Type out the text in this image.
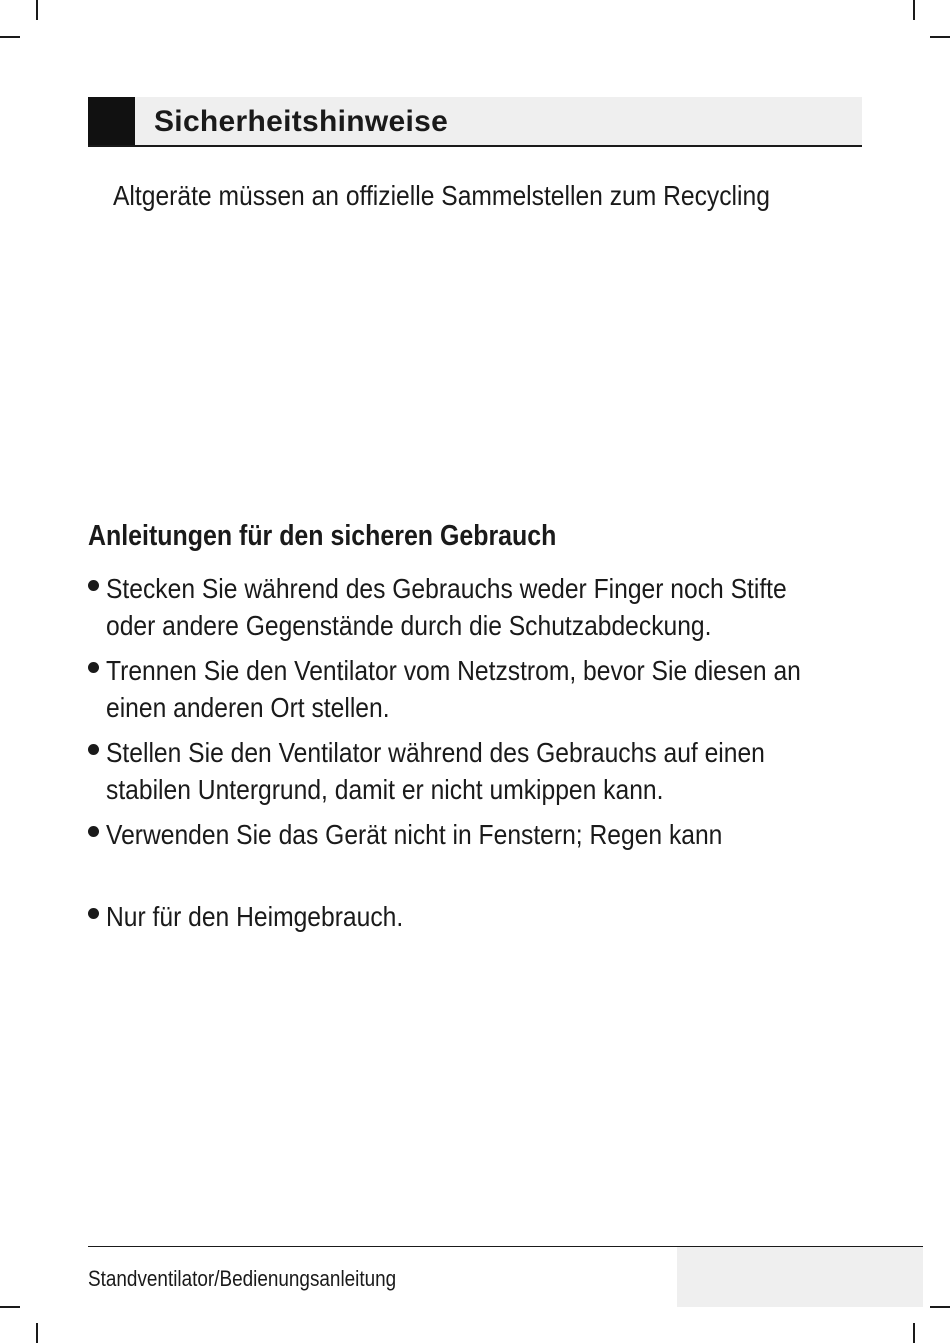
Sicherheitshinweise
Altgeräte müssen an offizielle Sammelstellen zum Recycling
Anleitungen für den sicheren Gebrauch
Stecken Sie während des Gebrauchs weder Finger noch Stifte
oder andere Gegenstände durch die Schutzabdeckung.
Trennen Sie den Ventilator vom Netzstrom, bevor Sie diesen an
einen anderen Ort stellen.
Stellen Sie den Ventilator während des Gebrauchs auf einen
stabilen Untergrund, damit er nicht umkippen kann.
Verwenden Sie das Gerät nicht in Fenstern; Regen kann
Nur für den Heimgebrauch.
Standventilator/Bedienungsanleitung
